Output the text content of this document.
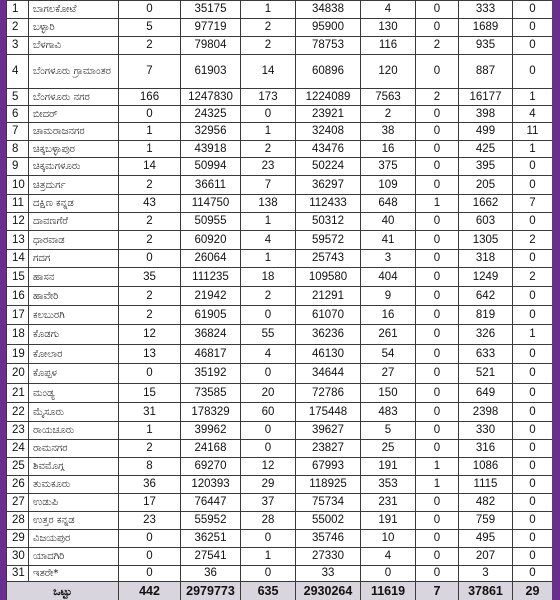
1	ಬಾಗಲಕೋಟೆ	0	35175	1	34838	4	0	333	0
2	ಬಳ್ಳಾರಿ	5	97719	2	95900	130	0	1689	0
3	ಬೆಳಗಾವಿ	2	79804	2	78753	116	2	935	0
4	ಬೆಂಗಳೂರು ಗ್ರಾಮಾಂತರ	7	61903	14	60896	120	0	887	0
5	ಬೆಂಗಳೂರು ನಗರ	166	1247830	173	1224089	7563	2	16177	1
6	ಬೀದರ್	0	24325	0	23921	2	0	398	4
7	ಚಾಮರಾಜನಗರ	1	32956	1	32408	38	0	499	11
8	ಚಿಕ್ಕಬಳ್ಳಾಪುರ	1	43918	2	43476	16	0	425	1
9	ಚಿಕ್ಕಮಗಳೂರು	14	50994	23	50224	375	0	395	0
10	ಚಿತ್ರದುರ್ಗ	2	36611	7	36297	109	0	205	0
11	ದಕ್ಷಿಣ ಕನ್ನಡ	43	114750	138	112433	648	1	1662	7
12	ದಾವಣಗೆರೆ	2	50955	1	50312	40	0	603	0
13	ಧಾರವಾಡ	2	60920	4	59572	41	0	1305	2
14	ಗದಗ	0	26064	1	25743	3	0	318	0
15	ಹಾಸನ	35	111235	18	109580	404	0	1249	2
16	ಹಾವೇರಿ	2	21942	2	21291	9	0	642	0
17	ಕಲಬುರಗಿ	2	61905	0	61070	16	0	819	0
18	ಕೊಡಗು	12	36824	55	36236	261	0	326	1
19	ಕೋಲಾರ	13	46817	4	46130	54	0	633	0
20	ಕೊಪ್ಪಳ	0	35192	0	34644	27	0	521	0
21	ಮಂಡ್ಯ	15	73585	20	72786	150	0	649	0
22	ಮೈಸೂರು	31	178329	60	175448	483	0	2398	0
23	ರಾಯಚೂರು	1	39962	0	39627	5	0	330	0
24	ರಾಮನಗರ	2	24168	0	23827	25	0	316	0
25	ಶಿವಮೊಗ್ಗ	8	69270	12	67993	191	1	1086	0
26	ತುಮಕೂರು	36	120393	29	118925	353	1	1115	0
27	ಉಡುಪಿ	17	76447	37	75734	231	0	482	0
28	ಉತ್ತರ ಕನ್ನಡ	23	55952	28	55002	191	0	759	0
29	ವಿಜಯಪುರ	0	36251	0	35746	10	0	495	0
30	ಯಾದಗಿರಿ	0	27541	1	27330	4	0	207	0
31	ಇತರೇ*	0	36	0	33	0	0	3	0
ಒಟ್ಟು		442	2979773	635	2930264	11619	7	37861	29
